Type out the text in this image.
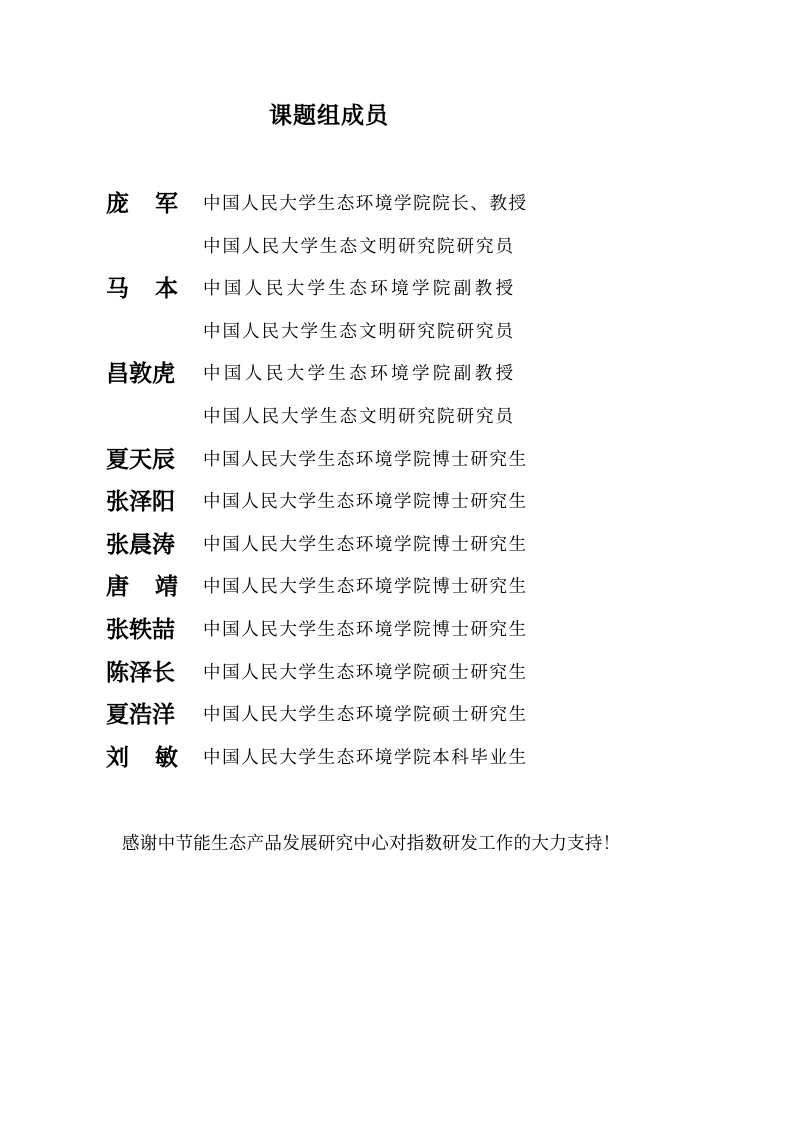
课题组成员
庞 军 中国人民大学生态环境学院院长、教授
中国人民大学生态文明研究院研究员
马 本 中国人民大学生态环境学院副教授
中国人民大学生态文明研究院研究员
昌敦虎 中国人民大学生态环境学院副教授
中国人民大学生态文明研究院研究员
夏天辰 中国人民大学生态环境学院博士研究生
张泽阳 中国人民大学生态环境学院博士研究生
张晨涛 中国人民大学生态环境学院博士研究生
唐 靖 中国人民大学生态环境学院博士研究生
张轶喆 中国人民大学生态环境学院博士研究生
陈泽长 中国人民大学生态环境学院硕士研究生
夏浩洋 中国人民大学生态环境学院硕士研究生
刘 敏 中国人民大学生态环境学院本科毕业生
感谢中节能生态产品发展研究中心对指数研发工作的大力支持！
